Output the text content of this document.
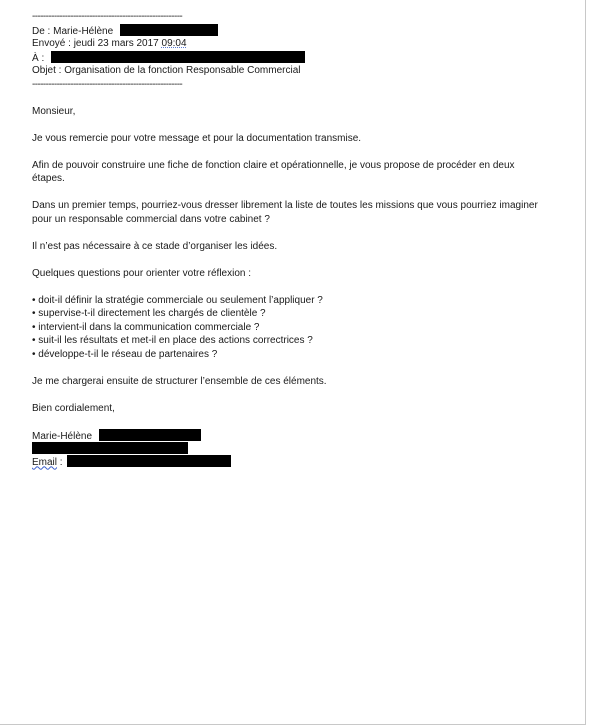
-------------------------------------------------------
De : Marie-Hélène
Envoyé : jeudi 23 mars 2017 09:04
À :
Objet : Organisation de la fonction Responsable Commercial
-------------------------------------------------------
Monsieur,
Je vous remercie pour votre message et pour la documentation transmise.
Afin de pouvoir construire une fiche de fonction claire et opérationnelle, je vous propose de procéder en deux
étapes.
Dans un premier temps, pourriez-vous dresser librement la liste de toutes les missions que vous pourriez imaginer
pour un responsable commercial dans votre cabinet ?
Il n’est pas nécessaire à ce stade d’organiser les idées.
Quelques questions pour orienter votre réflexion :
• doit-il définir la stratégie commerciale ou seulement l’appliquer ?
• supervise-t-il directement les chargés de clientèle ?
• intervient-il dans la communication commerciale ?
• suit-il les résultats et met-il en place des actions correctrices ?
• développe-t-il le réseau de partenaires ?
Je me chargerai ensuite de structurer l’ensemble de ces éléments.
Bien cordialement,
Marie-Hélène
Email :
